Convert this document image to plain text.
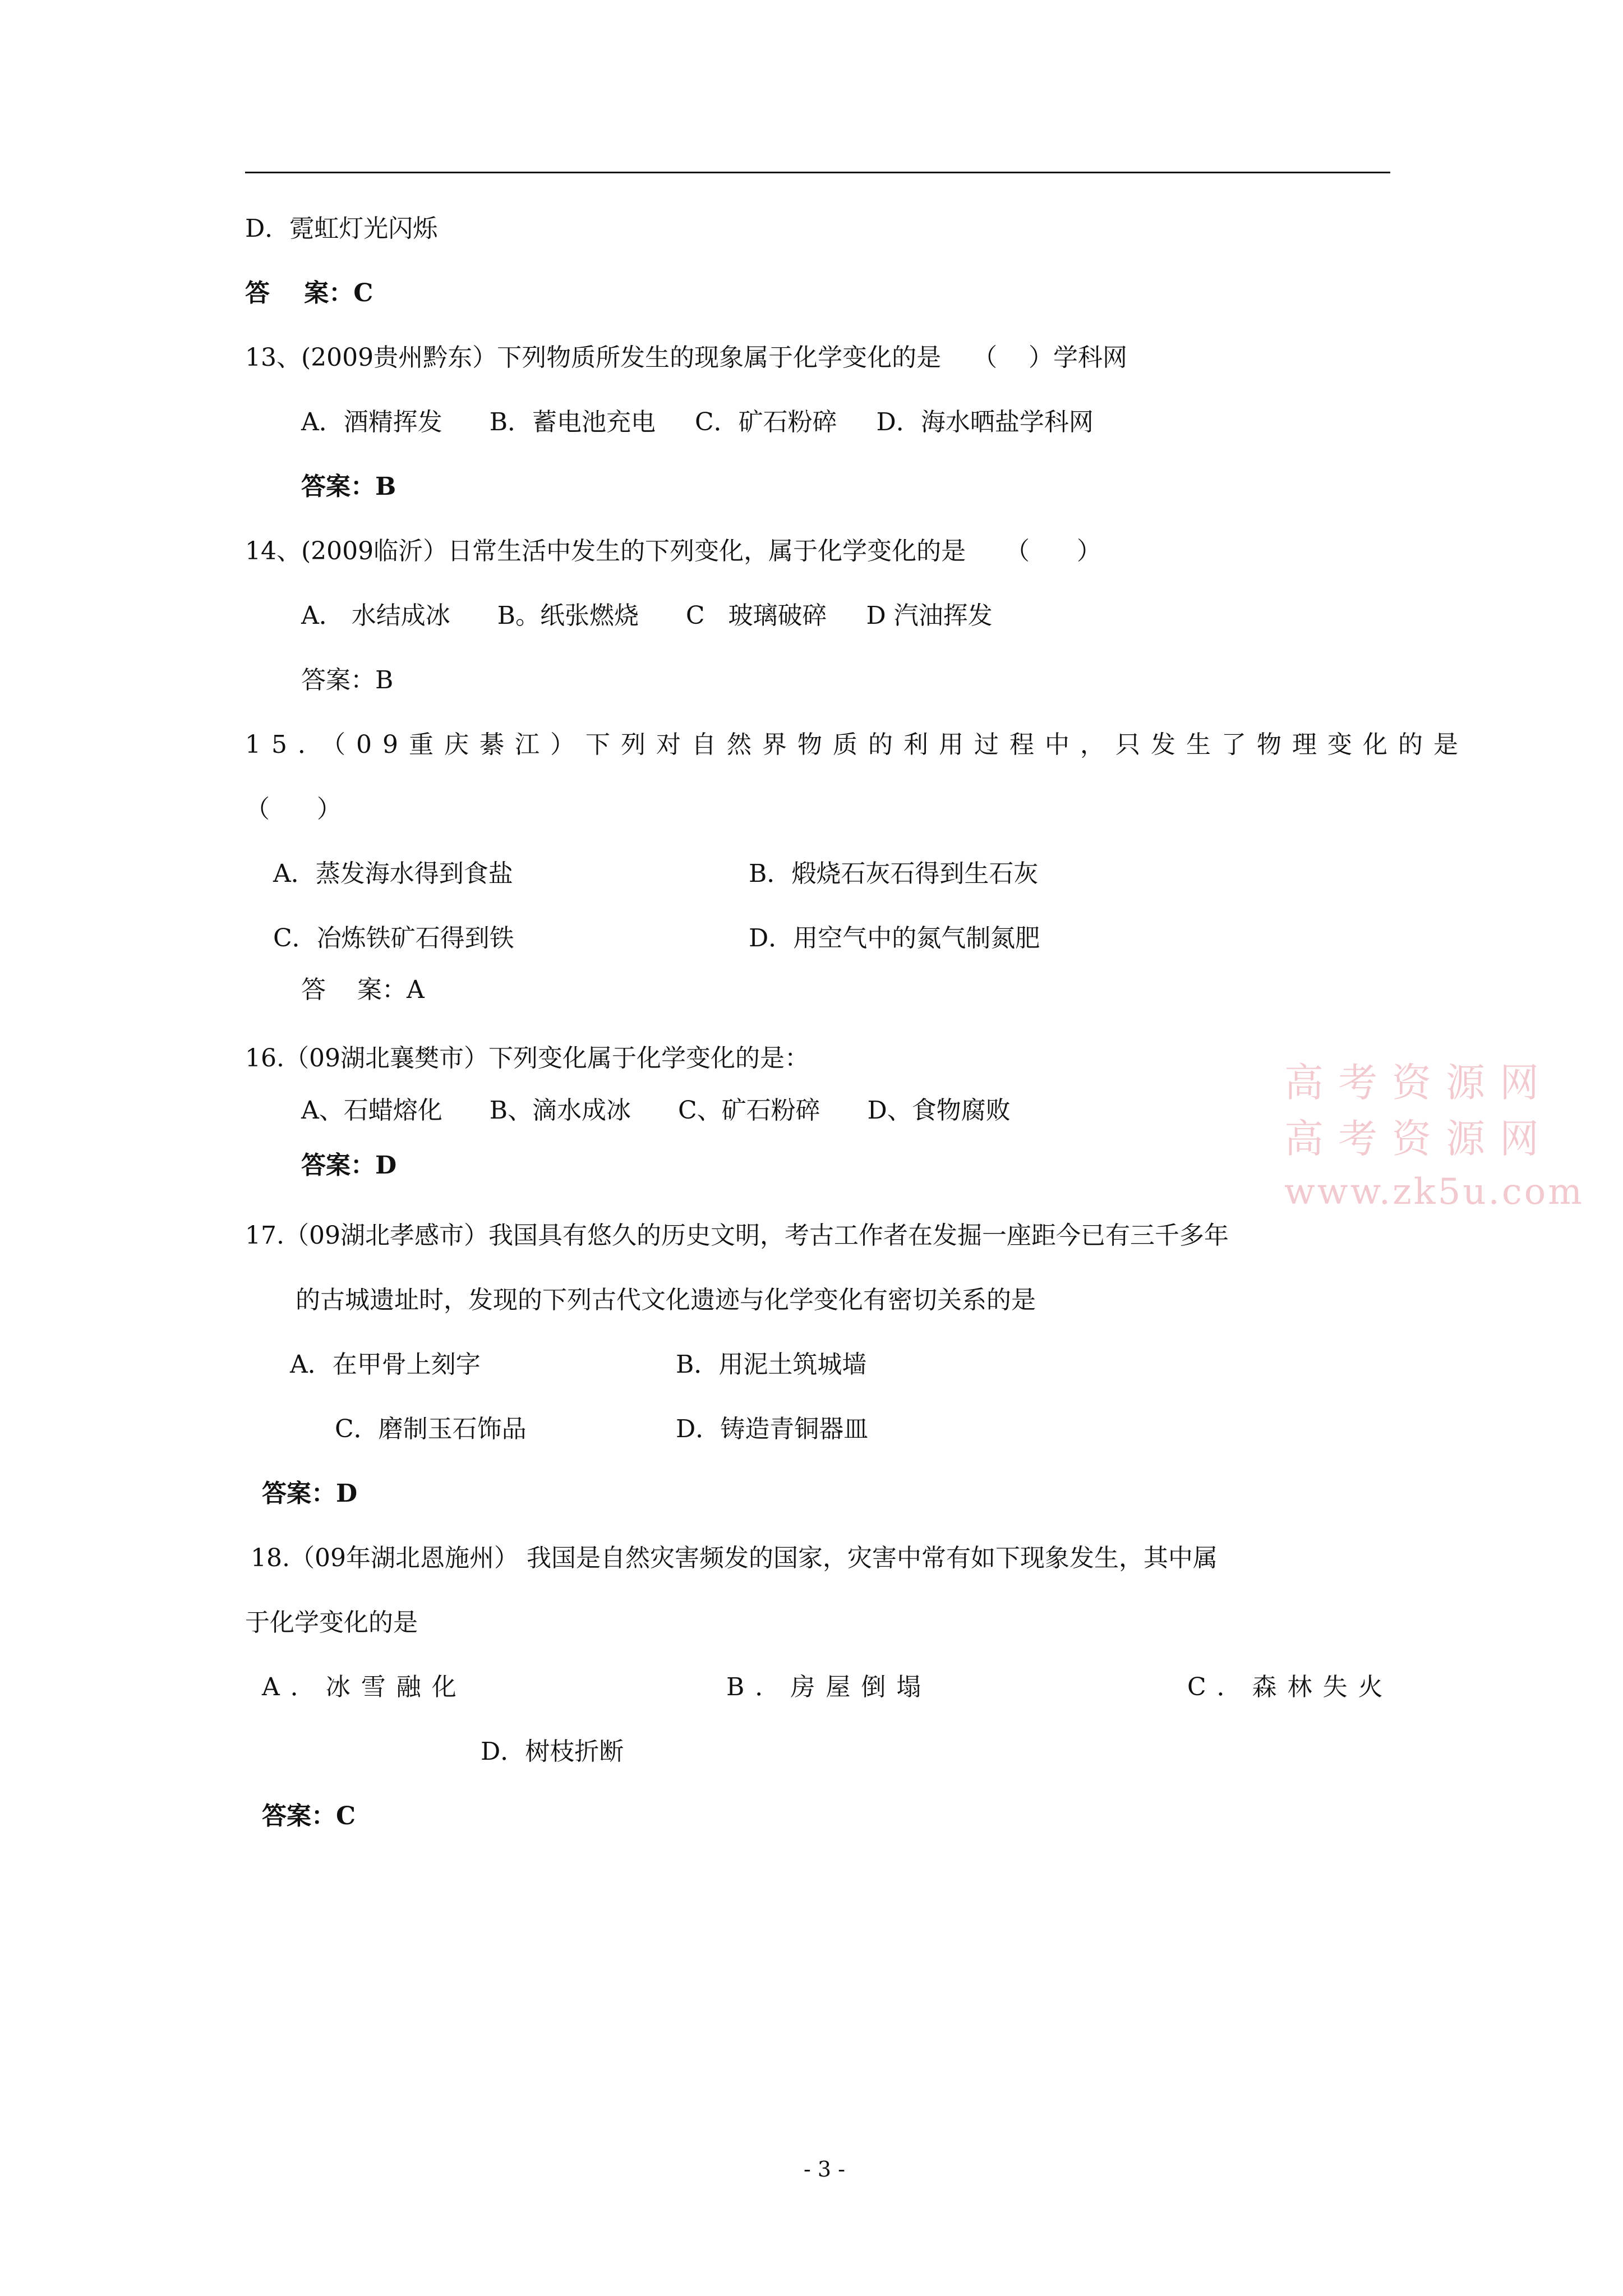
D．霓虹灯光闪烁
答    案：C
13、(2009贵州黔东）下列物质所发生的现象属于化学变化的是    （    ）学科网
A．酒精挥发      B．蓄电池充电     C．矿石粉碎     D．海水晒盐学科网
答案：B
14、(2009临沂）日常生活中发生的下列变化，属于化学变化的是     （      ）
A． 水结成冰      B。纸张燃烧      C   玻璃破碎     D 汽油挥发
答案：B
15．（09重庆綦江）下列对自然界物质的利用过程中，只发生了物理变化的是
（      ）
A．蒸发海水得到食盐	B．煅烧石灰石得到生石灰
C．冶炼铁矿石得到铁	D．用空气中的氮气制氮肥
答    案：A
16.（09湖北襄樊市）下列变化属于化学变化的是：
A、石蜡熔化      B、滴水成冰      C、矿石粉碎      D、食物腐败
答案：D
17.（09湖北孝感市）我国具有悠久的历史文明，考古工作者在发掘一座距今已有三千多年
的古城遗址时，发现的下列古代文化遗迹与化学变化有密切关系的是
A．在甲骨上刻字	B．用泥土筑城墙
C．磨制玉石饰品	D．铸造青铜器皿
答案：D
18.（09年湖北恩施州） 我国是自然灾害频发的国家，灾害中常有如下现象发生，其中属
于化学变化的是
A．冰雪融化	B．房屋倒塌	C．森林失火
D．树枝折断
答案：C
- 3 -
高考资源网
高考资源网
www.zk5u.com
